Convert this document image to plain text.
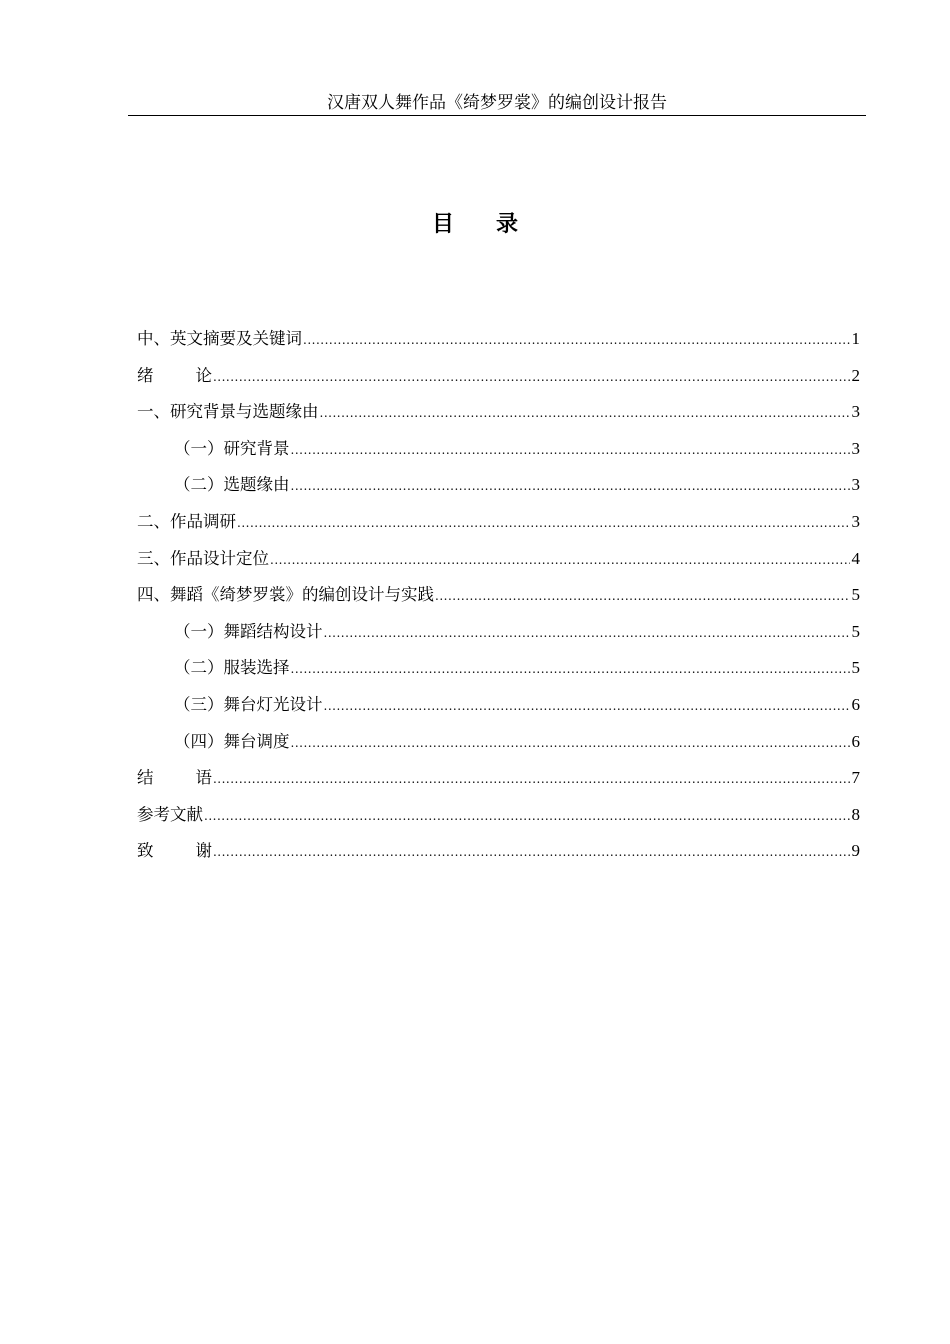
汉唐双人舞作品《绮梦罗裳》的编创设计报告
目录
中、英文摘要及关键词 .....	1
绪        论 .....	2
一、研究背景与选题缘由 .....	3
（一）研究背景 .....	3
（二）选题缘由 .....	3
二、作品调研 .....	3
三、作品设计定位 .....	4
四、舞蹈《绮梦罗裳》的编创设计与实践 .....	5
（一）舞蹈结构设计 .....	5
（二）服装选择 .....	5
（三）舞台灯光设计 .....	6
（四）舞台调度 .....	6
结        语 .....	7
参考文献 .....	8
致        谢 .....	9
